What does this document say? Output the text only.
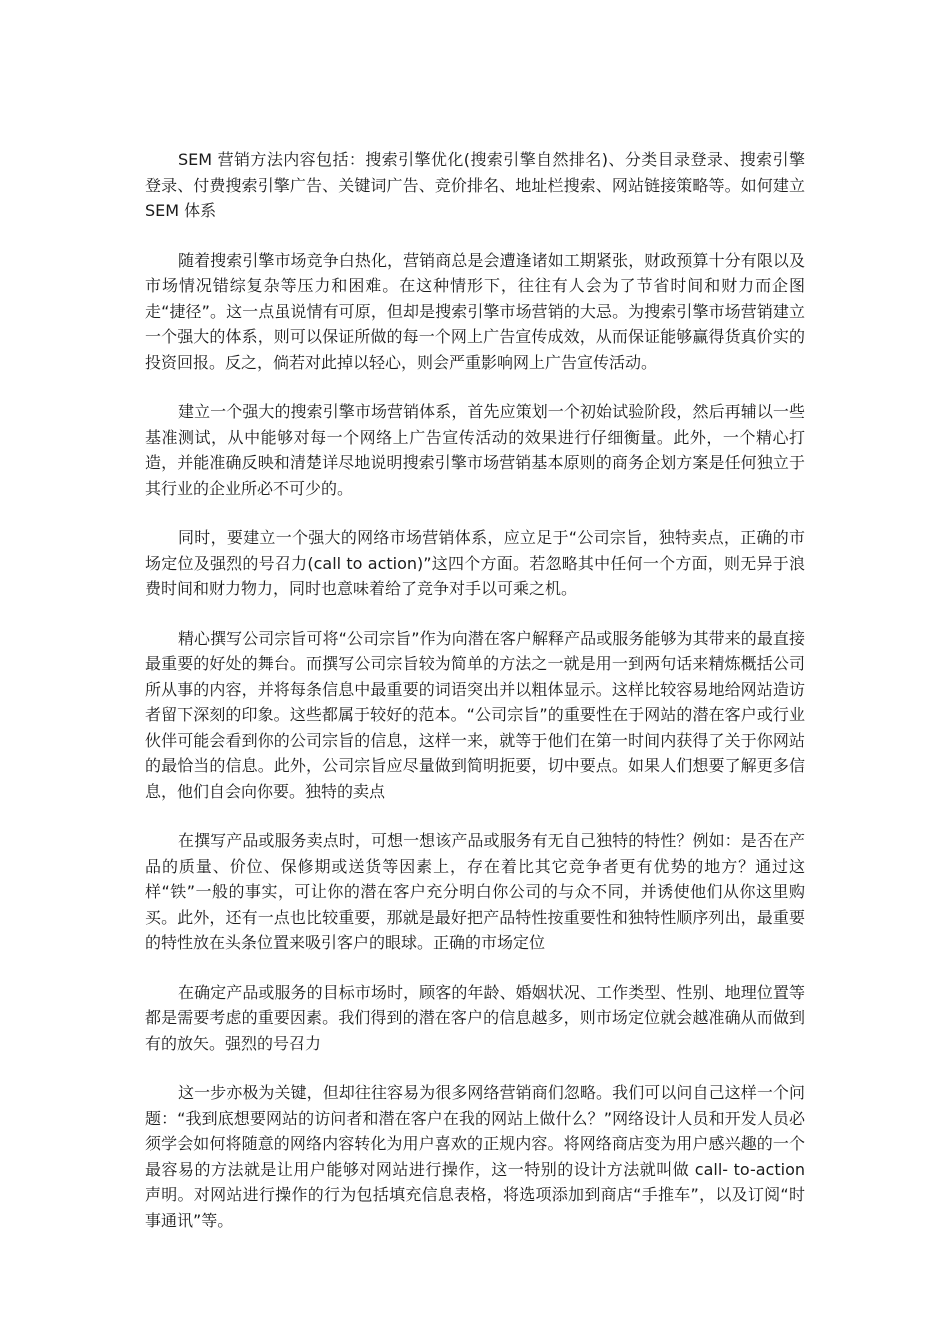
SEM 营销方法内容包括：搜索引擎优化(搜索引擎自然排名)、分类目录登录、搜索引擎登录、付费搜索引擎广告、关键词广告、竞价排名、地址栏搜索、网站链接策略等。如何建立 SEM 体系

随着搜索引擎市场竞争白热化，营销商总是会遭逢诸如工期紧张，财政预算十分有限以及市场情况错综复杂等压力和困难。在这种情形下，往往有人会为了节省时间和财力而企图走“捷径”。这一点虽说情有可原，但却是搜索引擎市场营销的大忌。为搜索引擎市场营销建立一个强大的体系，则可以保证所做的每一个网上广告宣传成效，从而保证能够赢得货真价实的投资回报。反之，倘若对此掉以轻心，则会严重影响网上广告宣传活动。

建立一个强大的搜索引擎市场营销体系，首先应策划一个初始试验阶段，然后再辅以一些基准测试，从中能够对每一个网络上广告宣传活动的效果进行仔细衡量。此外，一个精心打造，并能准确反映和清楚详尽地说明搜索引擎市场营销基本原则的商务企划方案是任何独立于其行业的企业所必不可少的。

同时，要建立一个强大的网络市场营销体系，应立足于“公司宗旨，独特卖点，正确的市场定位及强烈的号召力(call to action)”这四个方面。若忽略其中任何一个方面，则无异于浪费时间和财力物力，同时也意味着给了竞争对手以可乘之机。

精心撰写公司宗旨可将“公司宗旨”作为向潜在客户解释产品或服务能够为其带来的最直接最重要的好处的舞台。而撰写公司宗旨较为简单的方法之一就是用一到两句话来精炼概括公司所从事的内容，并将每条信息中最重要的词语突出并以粗体显示。这样比较容易地给网站造访者留下深刻的印象。这些都属于较好的范本。“公司宗旨”的重要性在于网站的潜在客户或行业伙伴可能会看到你的公司宗旨的信息，这样一来，就等于他们在第一时间内获得了关于你网站的最恰当的信息。此外，公司宗旨应尽量做到简明扼要，切中要点。如果人们想要了解更多信息，他们自会向你要。独特的卖点

在撰写产品或服务卖点时，可想一想该产品或服务有无自己独特的特性？例如：是否在产品的质量、价位、保修期或送货等因素上，存在着比其它竞争者更有优势的地方？通过这样“铁”一般的事实，可让你的潜在客户充分明白你公司的与众不同，并诱使他们从你这里购买。此外，还有一点也比较重要，那就是最好把产品特性按重要性和独特性顺序列出，最重要的特性放在头条位置来吸引客户的眼球。正确的市场定位

在确定产品或服务的目标市场时，顾客的年龄、婚姻状况、工作类型、性别、地理位置等都是需要考虑的重要因素。我们得到的潜在客户的信息越多，则市场定位就会越准确从而做到有的放矢。强烈的号召力

这一步亦极为关键，但却往往容易为很多网络营销商们忽略。我们可以问自己这样一个问题：“我到底想要网站的访问者和潜在客户在我的网站上做什么？”网络设计人员和开发人员必须学会如何将随意的网络内容转化为用户喜欢的正规内容。将网络商店变为用户感兴趣的一个最容易的方法就是让用户能够对网站进行操作，这一特别的设计方法就叫做 call- to-action 声明。对网站进行操作的行为包括填充信息表格，将选项添加到商店“手推车”，以及订阅“时事通讯”等。
